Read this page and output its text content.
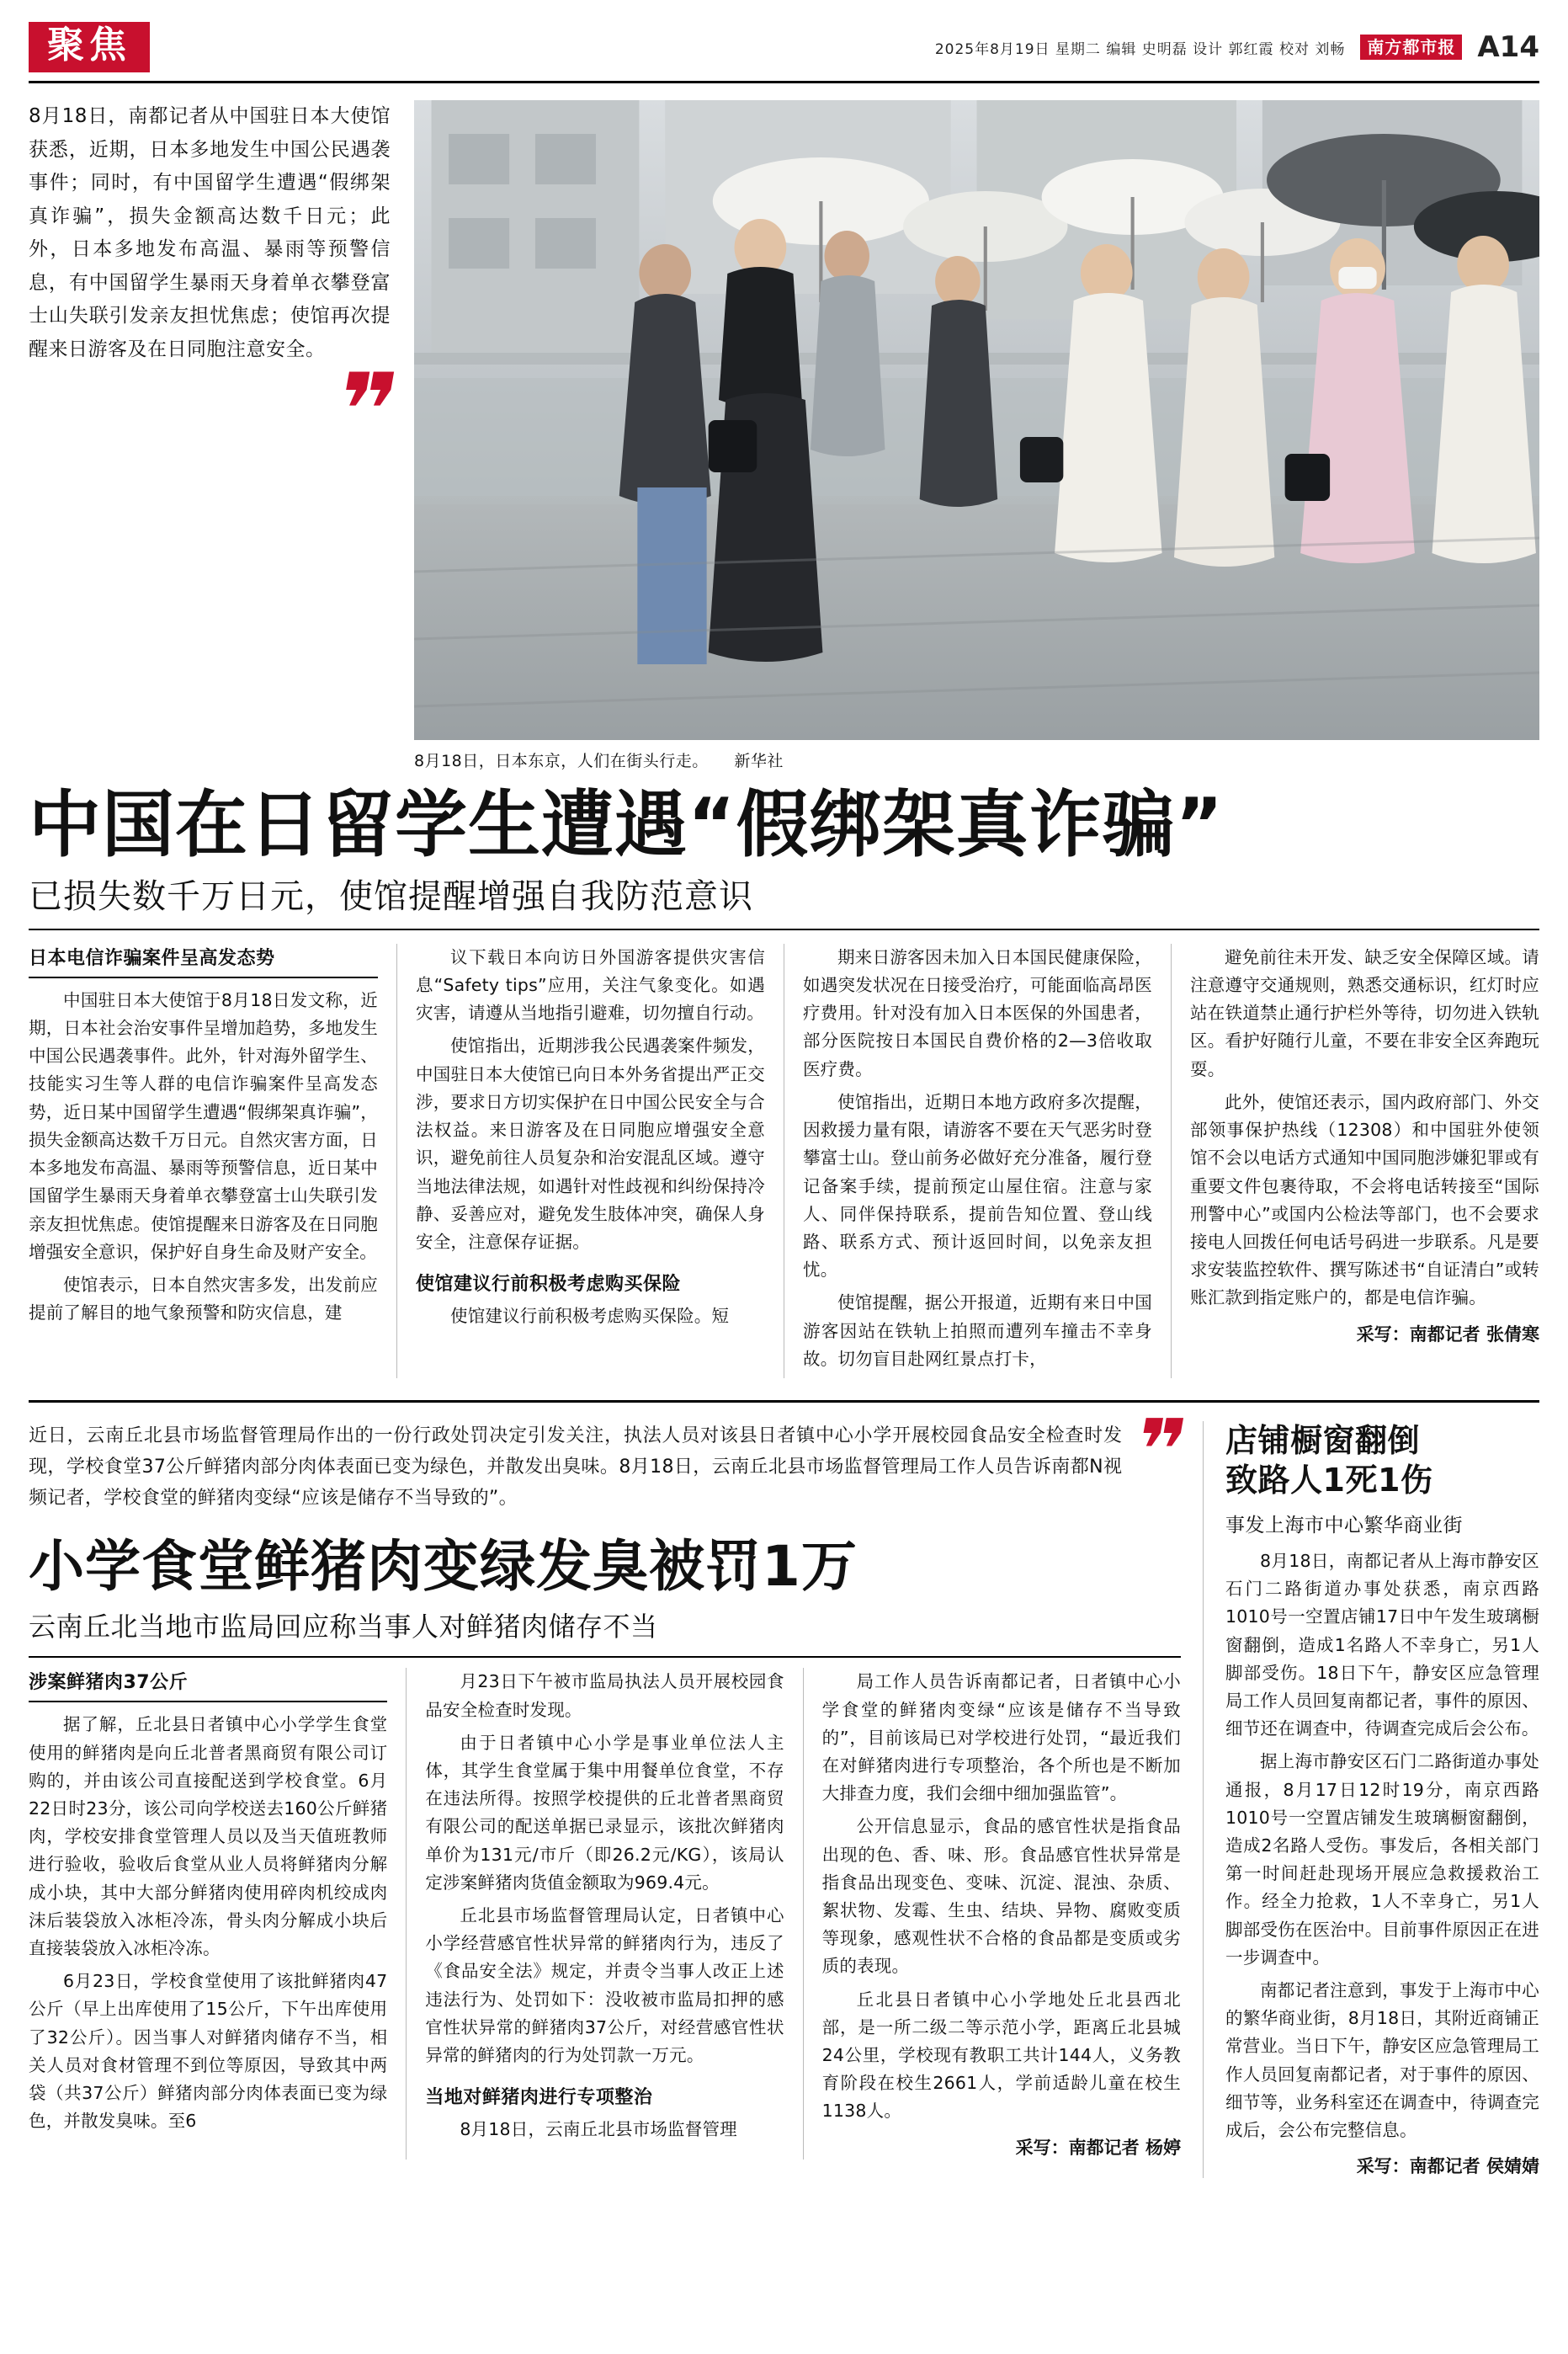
聚焦	2025年8月19日 星期二 编辑 史明磊 设计 郭红霞 校对 刘畅	南方都市报 A14
8月18日，南都记者从中国驻日本大使馆获悉，近期，日本多地发生中国公民遇袭事件；同时，有中国留学生遭遇“假绑架真诈骗”，损失金额高达数千日元；此外，日本多地发布高温、暴雨等预警信息，有中国留学生暴雨天身着单衣攀登富士山失联引发亲友担忧焦虑；使馆再次提醒来日游客及在日同胞注意安全。
❞
8月18日，日本东京，人们在街头行走。 新华社
中国在日留学生遭遇“假绑架真诈骗”

已损失数千万日元，使馆提醒增强自我防范意识

日本电信诈骗案件呈高发态势

中国驻日本大使馆于8月18日发文称，近期，日本社会治安事件呈增加趋势，多地发生中国公民遇袭事件。此外，针对海外留学生、技能实习生等人群的电信诈骗案件呈高发态势，近日某中国留学生遭遇“假绑架真诈骗”，损失金额高达数千万日元。自然灾害方面，日本多地发布高温、暴雨等预警信息，近日某中国留学生暴雨天身着单衣攀登富士山失联引发亲友担忧焦虑。使馆提醒来日游客及在日同胞增强安全意识，保护好自身生命及财产安全。

使馆表示，日本自然灾害多发，出发前应提前了解目的地气象预警和防灾信息，建

议下载日本向访日外国游客提供灾害信息“Safety tips”应用，关注气象变化。如遇灾害，请遵从当地指引避难，切勿擅自行动。

使馆指出，近期涉我公民遇袭案件频发，中国驻日本大使馆已向日本外务省提出严正交涉，要求日方切实保护在日中国公民安全与合法权益。来日游客及在日同胞应增强安全意识，避免前往人员复杂和治安混乱区域。遵守当地法律法规，如遇针对性歧视和纠纷保持冷静、妥善应对，避免发生肢体冲突，确保人身安全，注意保存证据。

使馆建议行前积极考虑购买保险

使馆建议行前积极考虑购买保险。短

期来日游客因未加入日本国民健康保险，如遇突发状况在日接受治疗，可能面临高昂医疗费用。针对没有加入日本医保的外国患者，部分医院按日本国民自费价格的2—3倍收取医疗费。

使馆指出，近期日本地方政府多次提醒，因救援力量有限，请游客不要在天气恶劣时登攀富士山。登山前务必做好充分准备，履行登记备案手续，提前预定山屋住宿。注意与家人、同伴保持联系，提前告知位置、登山线路、联系方式、预计返回时间，以免亲友担忧。

使馆提醒，据公开报道，近期有来日中国游客因站在铁轨上拍照而遭列车撞击不幸身故。切勿盲目赴网红景点打卡，

避免前往未开发、缺乏安全保障区域。请注意遵守交通规则，熟悉交通标识，红灯时应站在铁道禁止通行护栏外等待，切勿进入铁轨区。看护好随行儿童，不要在非安全区奔跑玩耍。

此外，使馆还表示，国内政府部门、外交部领事保护热线（12308）和中国驻外使领馆不会以电话方式通知中国同胞涉嫌犯罪或有重要文件包裹待取，不会将电话转接至“国际刑警中心”或国内公检法等部门，也不会要求接电人回拨任何电话号码进一步联系。凡是要求安装监控软件、撰写陈述书“自证清白”或转账汇款到指定账户的，都是电信诈骗。

采写：南都记者 张倩寒
近日，云南丘北县市场监督管理局作出的一份行政处罚决定引发关注，执法人员对该县日者镇中心小学开展校园食品安全检查时发现，学校食堂37公斤鲜猪肉部分肉体表面已变为绿色，并散发出臭味。8月18日，云南丘北县市场监督管理局工作人员告诉南都N视频记者，学校食堂的鲜猪肉变绿“应该是储存不当导致的”。	❞
小学食堂鲜猪肉变绿发臭被罚1万

云南丘北当地市监局回应称当事人对鲜猪肉储存不当

涉案鲜猪肉37公斤

据了解，丘北县日者镇中心小学学生食堂使用的鲜猪肉是向丘北普者黑商贸有限公司订购的，并由该公司直接配送到学校食堂。6月22日时23分，该公司向学校送去160公斤鲜猪肉，学校安排食堂管理人员以及当天值班教师进行验收，验收后食堂从业人员将鲜猪肉分解成小块，其中大部分鲜猪肉使用碎肉机绞成肉沫后装袋放入冰柜冷冻，骨头肉分解成小块后直接装袋放入冰柜冷冻。

6月23日，学校食堂使用了该批鲜猪肉47公斤（早上出库使用了15公斤，下午出库使用了32公斤）。因当事人对鲜猪肉储存不当，相关人员对食材管理不到位等原因，导致其中两袋（共37公斤）鲜猪肉部分肉体表面已变为绿色，并散发臭味。至6

月23日下午被市监局执法人员开展校园食品安全检查时发现。

由于日者镇中心小学是事业单位法人主体，其学生食堂属于集中用餐单位食堂，不存在违法所得。按照学校提供的丘北普者黑商贸有限公司的配送单据已录显示，该批次鲜猪肉单价为131元/市斤（即26.2元/KG），该局认定涉案鲜猪肉货值金额取为969.4元。

丘北县市场监督管理局认定，日者镇中心小学经营感官性状异常的鲜猪肉行为，违反了《食品安全法》规定，并责令当事人改正上述违法行为、处罚如下：没收被市监局扣押的感官性状异常的鲜猪肉37公斤，对经营感官性状异常的鲜猪肉的行为处罚款一万元。

当地对鲜猪肉进行专项整治

8月18日，云南丘北县市场监督管理

局工作人员告诉南都记者，日者镇中心小学食堂的鲜猪肉变绿“应该是储存不当导致的”，目前该局已对学校进行处罚，“最近我们在对鲜猪肉进行专项整治，各个所也是不断加大排查力度，我们会细中细加强监管”。

公开信息显示，食品的感官性状是指食品出现的色、香、味、形。食品感官性状异常是指食品出现变色、变味、沉淀、混浊、杂质、絮状物、发霉、生虫、结块、异物、腐败变质等现象，感观性状不合格的食品都是变质或劣质的表现。

丘北县日者镇中心小学地处丘北县西北部，是一所二级二等示范小学，距离丘北县城24公里，学校现有教职工共计144人，义务教育阶段在校生2661人，学前适龄儿童在校生1138人。

采写：南都记者 杨婷
店铺橱窗翻倒
致路人1死1伤

事发上海市中心繁华商业街

8月18日，南都记者从上海市静安区石门二路街道办事处获悉，南京西路1010号一空置店铺17日中午发生玻璃橱窗翻倒，造成1名路人不幸身亡，另1人脚部受伤。18日下午，静安区应急管理局工作人员回复南都记者，事件的原因、细节还在调查中，待调查完成后会公布。

据上海市静安区石门二路街道办事处通报，8月17日12时19分，南京西路1010号一空置店铺发生玻璃橱窗翻倒，造成2名路人受伤。事发后，各相关部门第一时间赶赴现场开展应急救援救治工作。经全力抢救，1人不幸身亡，另1人脚部受伤在医治中。目前事件原因正在进一步调查中。

南都记者注意到，事发于上海市中心的繁华商业街，8月18日，其附近商铺正常营业。当日下午，静安区应急管理局工作人员回复南都记者，对于事件的原因、细节等，业务科室还在调查中，待调查完成后，会公布完整信息。

采写：南都记者 侯婧婧
